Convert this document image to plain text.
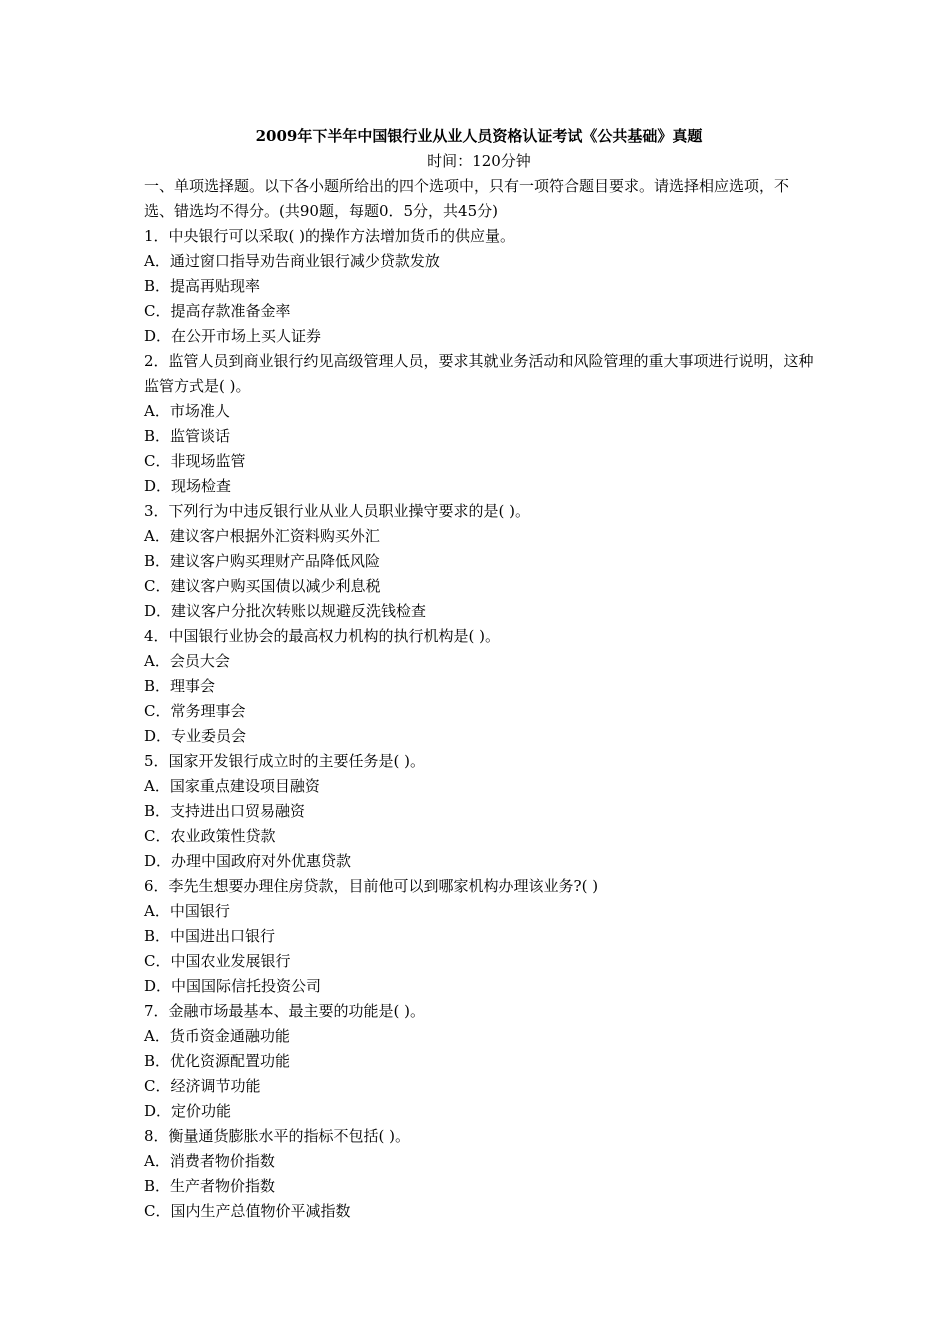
2009年下半年中国银行业从业人员资格认证考试《公共基础》真题
时间：120分钟
一、单项选择题。以下各小题所给出的四个选项中，只有一项符合题目要求。请选择相应选项，不选、错选均不得分。(共90题，每题0．5分，共45分)
1．中央银行可以采取( )的操作方法增加货币的供应量。
A．通过窗口指导劝告商业银行减少贷款发放
B．提高再贴现率
C．提高存款准备金率
D．在公开市场上买人证券
2．监管人员到商业银行约见高级管理人员，要求其就业务活动和风险管理的重大事项进行说明，这种监管方式是( )。
A．市场准人
B．监管谈话
C．非现场监管
D．现场检查
3．下列行为中违反银行业从业人员职业操守要求的是( )。
A．建议客户根据外汇资料购买外汇
B．建议客户购买理财产品降低风险
C．建议客户购买国债以减少利息税
D．建议客户分批次转账以规避反洗钱检查
4．中国银行业协会的最高权力机构的执行机构是( )。
A．会员大会
B．理事会
C．常务理事会
D．专业委员会
5．国家开发银行成立时的主要任务是( )。
A．国家重点建设项目融资
B．支持进出口贸易融资
C．农业政策性贷款
D．办理中国政府对外优惠贷款
6．李先生想要办理住房贷款，目前他可以到哪家机构办理该业务?( )
A．中国银行
B．中国进出口银行
C．中国农业发展银行
D．中国国际信托投资公司
7．金融市场最基本、最主要的功能是( )。
A．货币资金通融功能
B．优化资源配置功能
C．经济调节功能
D．定价功能
8．衡量通货膨胀水平的指标不包括( )。
A．消费者物价指数
B．生产者物价指数
C．国内生产总值物价平减指数
